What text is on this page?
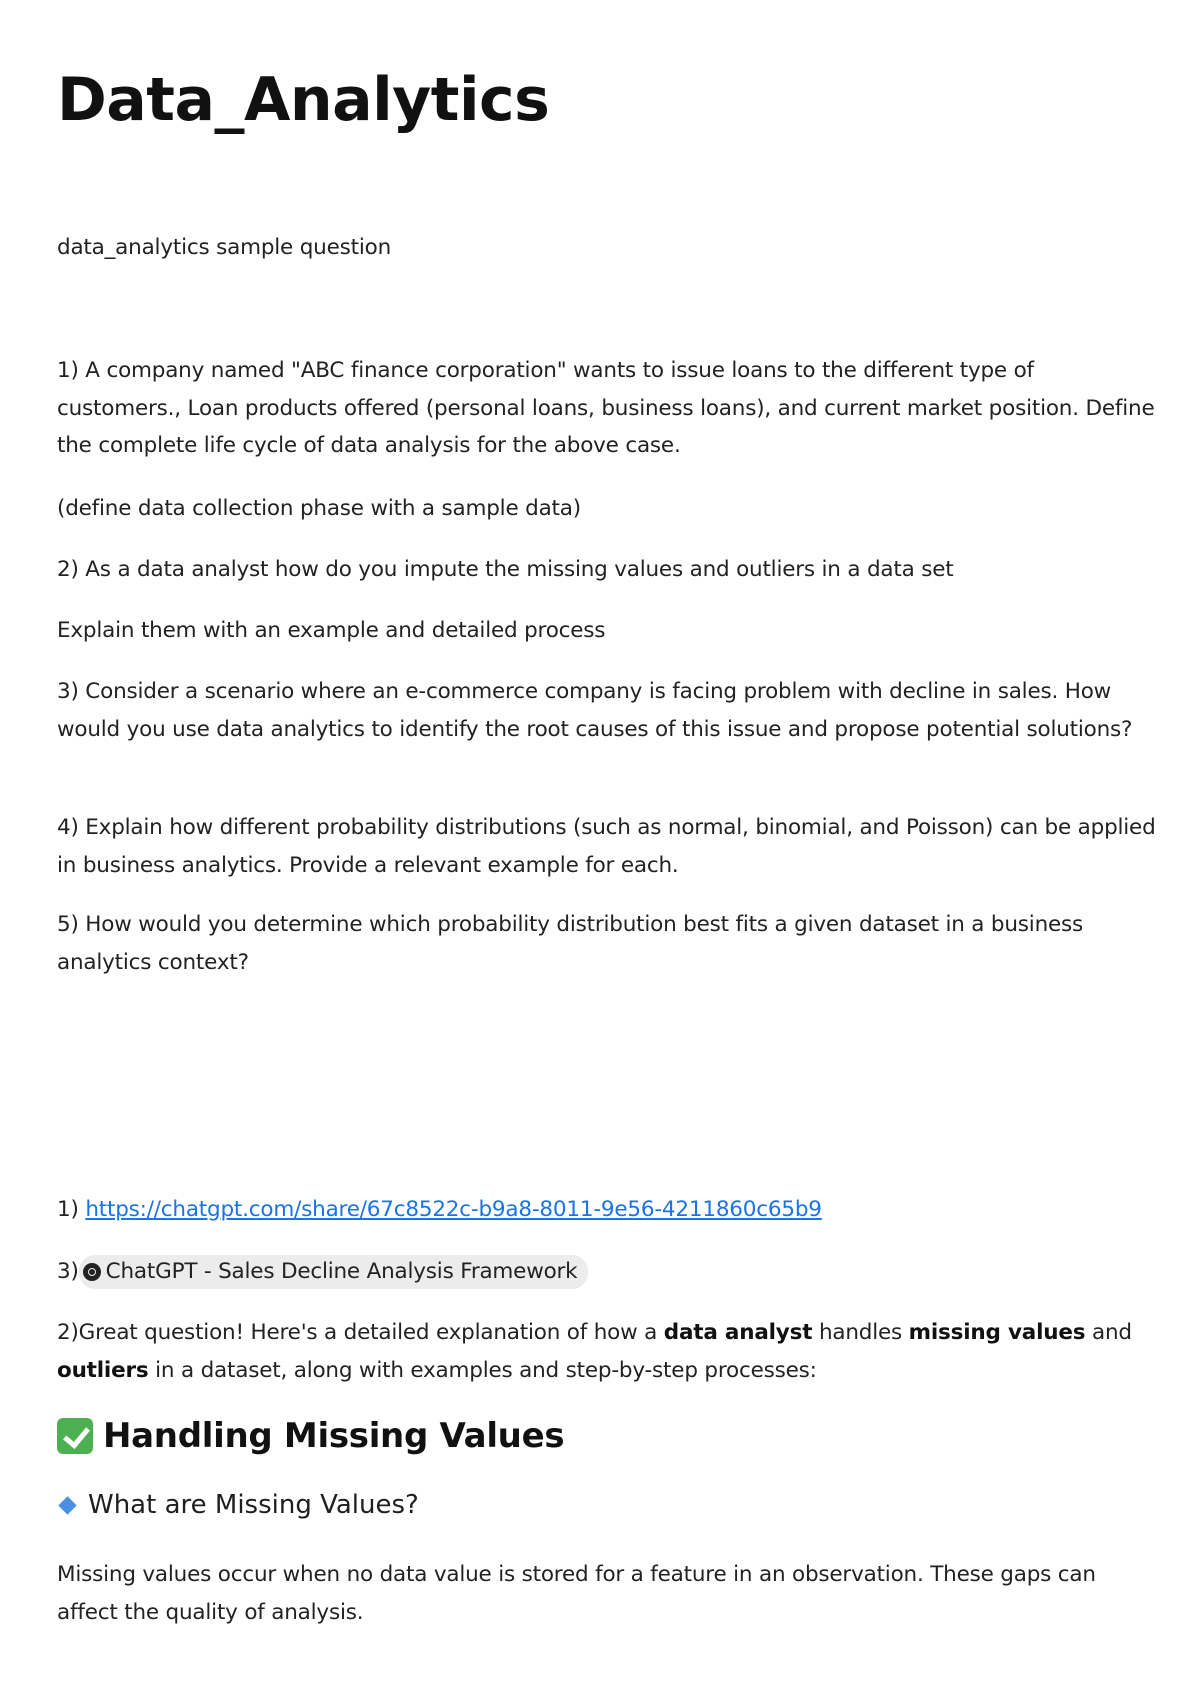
Data_Analytics

data_analytics sample question

1) A company named "ABC finance corporation" wants to issue loans to the different type of customers., Loan products offered (personal loans, business loans), and current market position. Define the complete life cycle of data analysis for the above case.

(define data collection phase with a sample data)

2) As a data analyst how do you impute the missing values and outliers in a data set

Explain them with an example and detailed process

3) Consider a scenario where an e-commerce company is facing problem with decline in sales. How would you use data analytics to identify the root causes of this issue and propose potential solutions?

4) Explain how different probability distributions (such as normal, binomial, and Poisson) can be applied in business analytics. Provide a relevant example for each.

5) How would you determine which probability distribution best fits a given dataset in a business analytics context?

1) https://chatgpt.com/share/67c8522c-b9a8-8011-9e56-4211860c65b9

3) ChatGPT - Sales Decline Analysis Framework

2)Great question! Here's a detailed explanation of how a data analyst handles missing values and outliers in a dataset, along with examples and step-by-step processes:

Handling Missing Values
What are Missing Values?

Missing values occur when no data value is stored for a feature in an observation. These gaps can affect the quality of analysis.
